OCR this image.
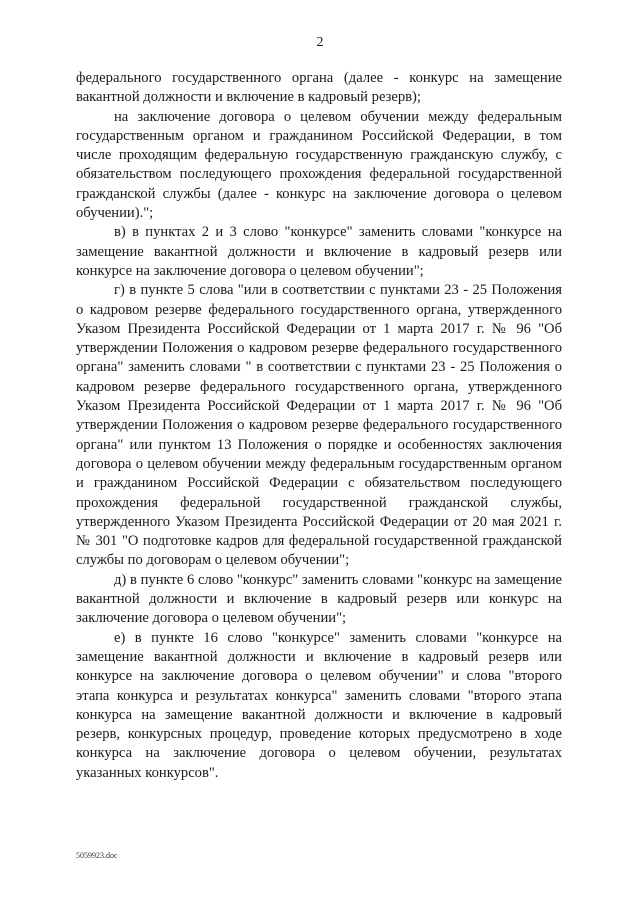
2

федерального государственного органа (далее - конкурс на замещение вакантной должности и включение в кадровый резерв);

на заключение договора о целевом обучении между федеральным государственным органом и гражданином Российской Федерации, в том числе проходящим федеральную государственную гражданскую службу, с обязательством последующего прохождения федеральной государственной гражданской службы (далее - конкурс на заключение договора о целевом обучении).";

в) в пунктах 2 и 3 слово "конкурсе" заменить словами "конкурсе на замещение вакантной должности и включение в кадровый резерв или конкурсе на заключение договора о целевом обучении";

г) в пункте 5 слова "или в соответствии с пунктами 23 - 25 Положения о кадровом резерве федерального государственного органа, утвержденного Указом Президента Российской Федерации от 1 марта 2017 г. № 96 "Об утверждении Положения о кадровом резерве федерального государственного органа" заменить словами " в соответствии с пунктами 23 - 25 Положения о кадровом резерве федерального государственного органа, утвержденного Указом Президента Российской Федерации от 1 марта 2017 г. № 96 "Об утверждении Положения о кадровом резерве федерального государственного органа" или пунктом 13 Положения о порядке и особенностях заключения договора о целевом обучении между федеральным государственным органом и гражданином Российской Федерации с обязательством последующего прохождения федеральной государственной гражданской службы, утвержденного Указом Президента Российской Федерации от 20 мая 2021 г. № 301 "О подготовке кадров для федеральной государственной гражданской службы по договорам о целевом обучении";

д) в пункте 6 слово "конкурс" заменить словами "конкурс на замещение вакантной должности и включение в кадровый резерв или конкурс на заключение договора о целевом обучении";

е) в пункте 16 слово "конкурсе" заменить словами "конкурсе на замещение вакантной должности и включение в кадровый резерв или конкурсе на заключение договора о целевом обучении" и слова "второго этапа конкурса и результатах конкурса" заменить словами "второго этапа конкурса на замещение вакантной должности и включение в кадровый резерв, конкурсных процедур, проведение которых предусмотрено в ходе конкурса на заключение договора о целевом обучении, результатах указанных конкурсов".

5059923.doc
